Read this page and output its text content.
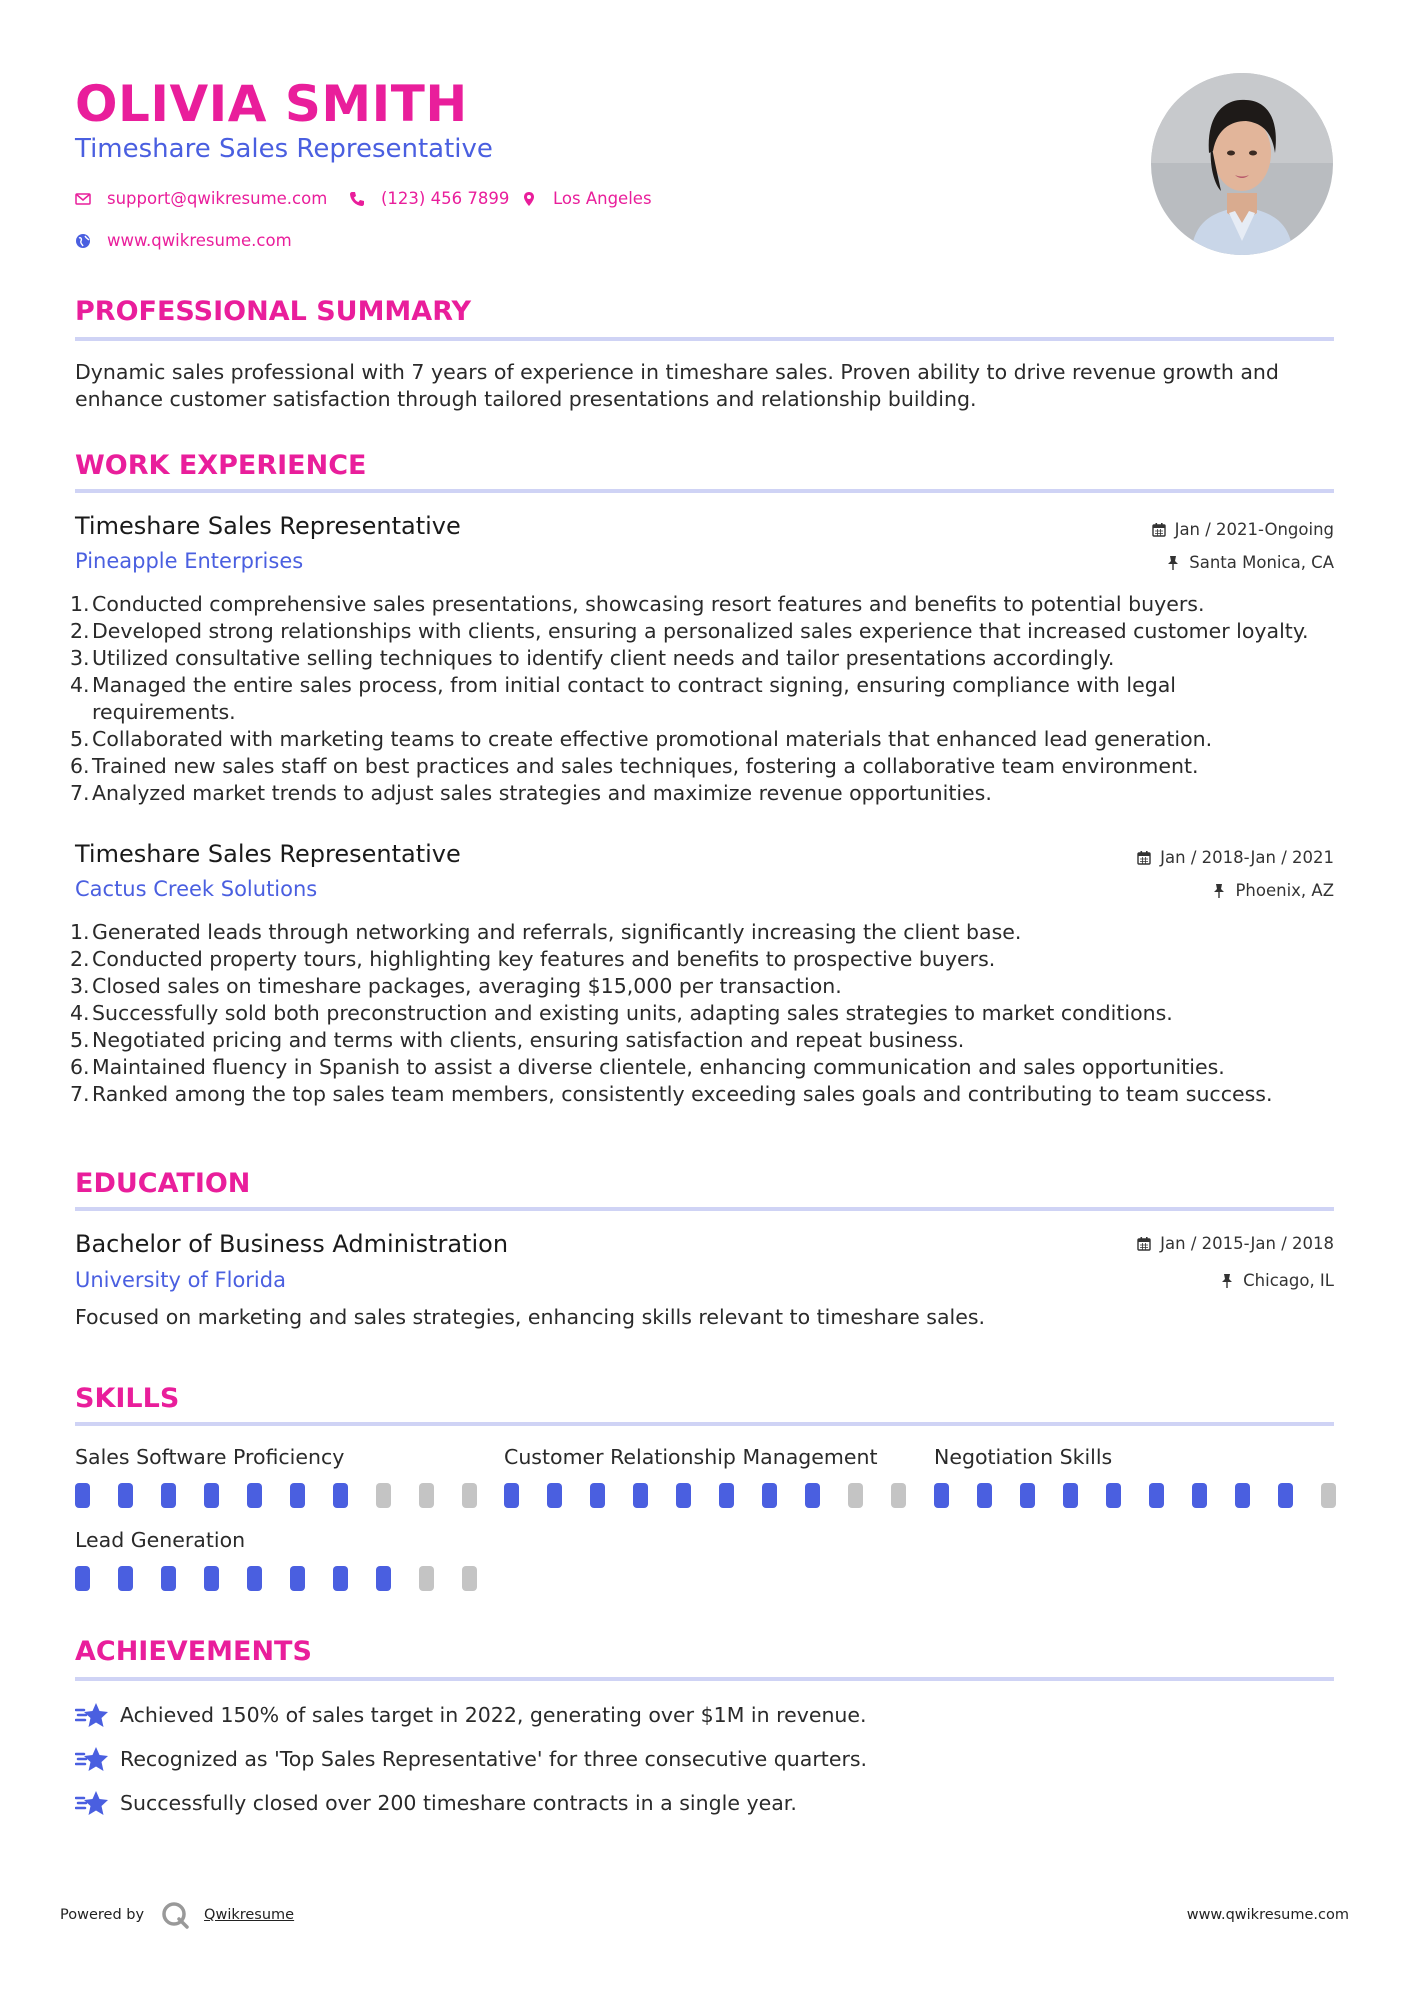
OLIVIA SMITH
Timeshare Sales Representative
support@qwikresume.com	(123) 456 7899	Los Angeles
www.qwikresume.com
PROFESSIONAL SUMMARY
Dynamic sales professional with 7 years of experience in timeshare sales. Proven ability to drive revenue growth and enhance customer satisfaction through tailored presentations and relationship building.
WORK EXPERIENCE
Timeshare Sales Representative
Pineapple Enterprises
Jan / 2021-Ongoing
Santa Monica, CA
1. Conducted comprehensive sales presentations, showcasing resort features and benefits to potential buyers.
2. Developed strong relationships with clients, ensuring a personalized sales experience that increased customer loyalty.
3. Utilized consultative selling techniques to identify client needs and tailor presentations accordingly.
4. Managed the entire sales process, from initial contact to contract signing, ensuring compliance with legal requirements.
5. Collaborated with marketing teams to create effective promotional materials that enhanced lead generation.
6. Trained new sales staff on best practices and sales techniques, fostering a collaborative team environment.
7. Analyzed market trends to adjust sales strategies and maximize revenue opportunities.
Timeshare Sales Representative
Cactus Creek Solutions
Jan / 2018-Jan / 2021
Phoenix, AZ
1. Generated leads through networking and referrals, significantly increasing the client base.
2. Conducted property tours, highlighting key features and benefits to prospective buyers.
3. Closed sales on timeshare packages, averaging $15,000 per transaction.
4. Successfully sold both preconstruction and existing units, adapting sales strategies to market conditions.
5. Negotiated pricing and terms with clients, ensuring satisfaction and repeat business.
6. Maintained fluency in Spanish to assist a diverse clientele, enhancing communication and sales opportunities.
7. Ranked among the top sales team members, consistently exceeding sales goals and contributing to team success.
EDUCATION
Bachelor of Business Administration
University of Florida
Jan / 2015-Jan / 2018
Chicago, IL
Focused on marketing and sales strategies, enhancing skills relevant to timeshare sales.
SKILLS
Sales Software Proficiency	Customer Relationship Management	Negotiation Skills
Lead Generation
ACHIEVEMENTS
Achieved 150% of sales target in 2022, generating over $1M in revenue.
Recognized as 'Top Sales Representative' for three consecutive quarters.
Successfully closed over 200 timeshare contracts in a single year.
Powered by	Qwikresume	www.qwikresume.com
